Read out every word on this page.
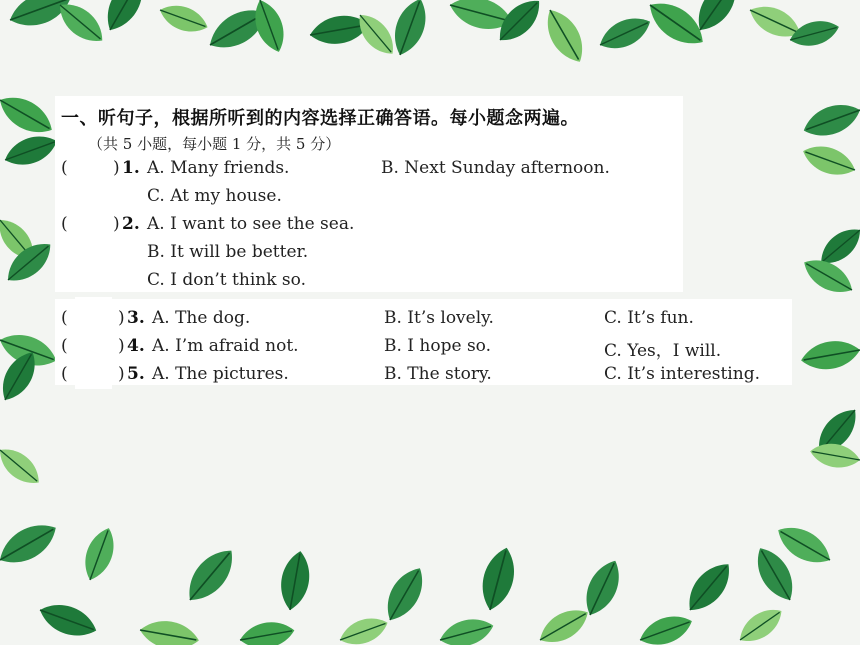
一、听句子，根据所听到的内容选择正确答语。每小题念两遍。
（共 5 小题，每小题 1 分，共 5 分）
(	) 1. A. Many friends.	B. Next Sunday afternoon.
C. At my house.
(	) 2. A. I want to see the sea.
B. It will be better.
C. I don’t think so.
(	) 3. A. The dog.	B. It’s lovely.	C. It’s fun.
(	) 4. A. I’m afraid not.	B. I hope so.	C. Yes，I will.
(	) 5. A. The pictures.	B. The story.	C. It’s interesting.
